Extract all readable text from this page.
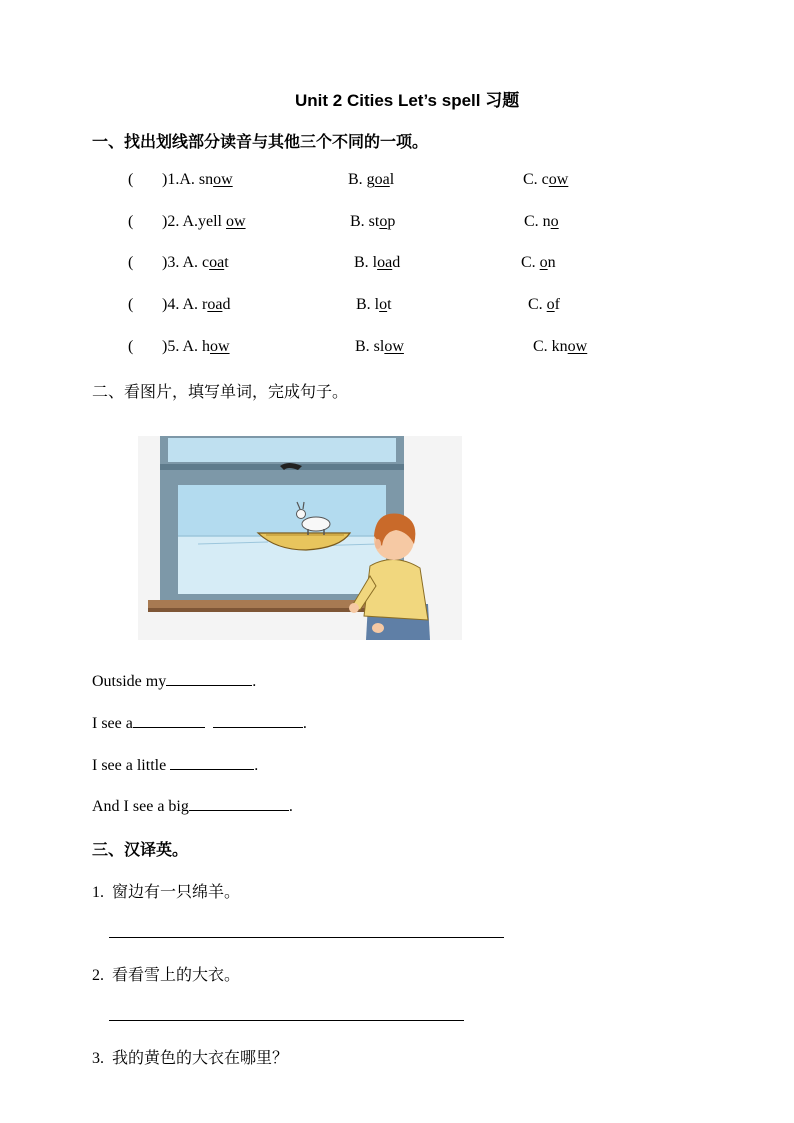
Unit 2 Cities Let’s spell 习题
一、找出划线部分读音与其他三个不同的一项。
( )1.A. snow	B. goal	C. cow
( )2. A.yell ow	B. stop	C. no
( )3. A. coat	B. load	C. on
( )4. A. road	B. lot	C. of
( )5. A. how	B. slow	C. know
二、看图片，填写单词，完成句子。
Outside my	.
I see a	.
I see a little	.
And I see a big	.
三、汉译英。
1. 窗边有一只绵羊。
2. 看看雪上的大衣。
3. 我的黄色的大衣在哪里？
